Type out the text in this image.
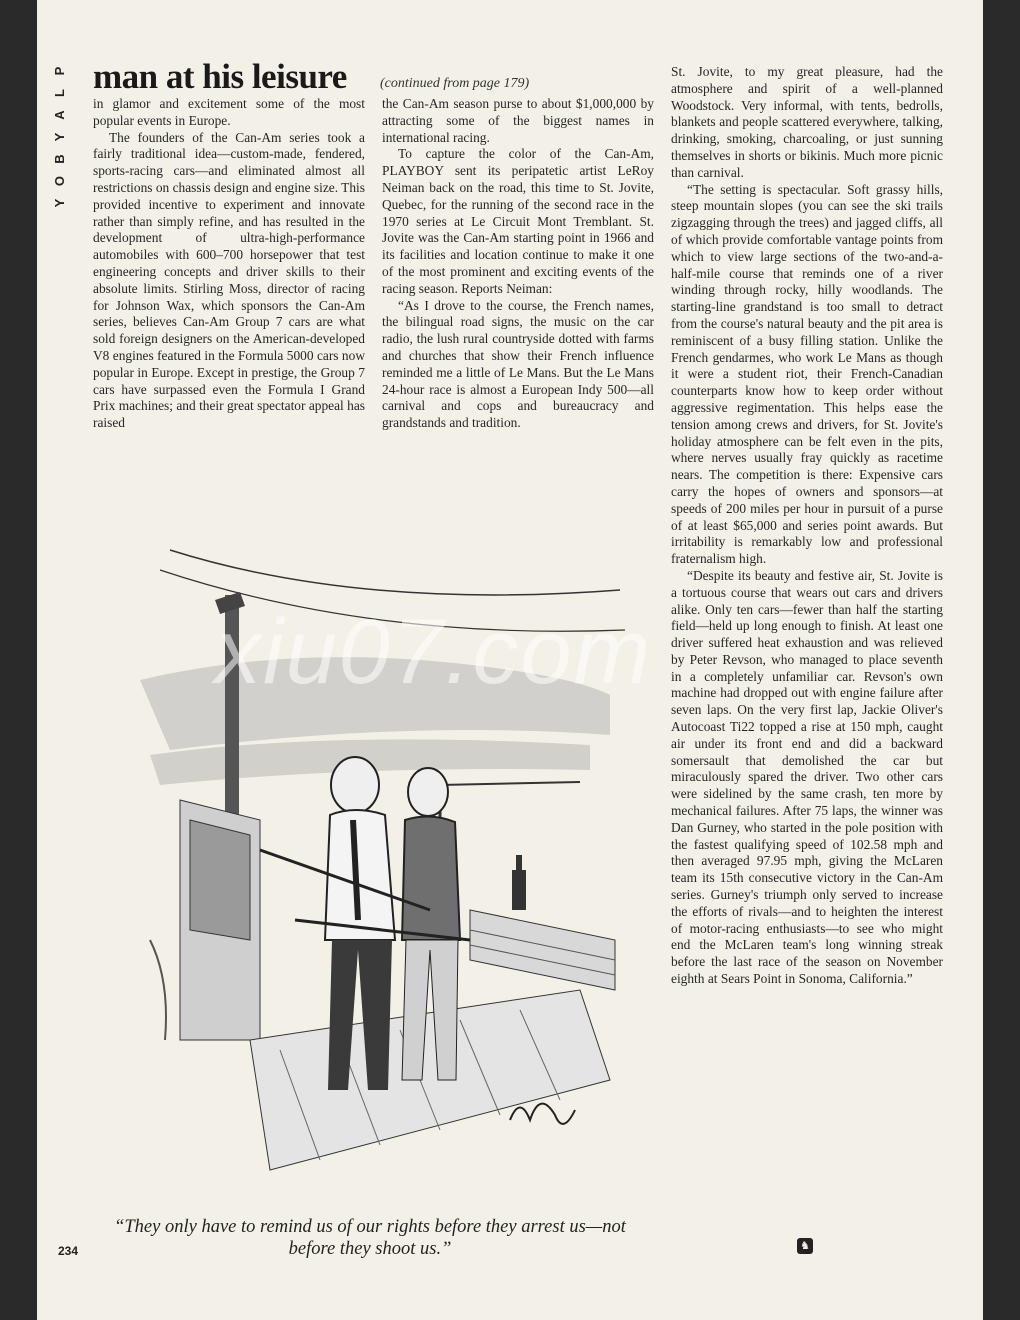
P
L
A
Y
B
O
Y
man at his leisure (continued from page 179)

in glamor and excitement some of the most popular events in Europe.

The founders of the Can-Am series took a fairly traditional idea—custom-made, fendered, sports-racing cars—and eliminated almost all restrictions on chassis design and engine size. This provided incentive to experiment and innovate rather than simply refine, and has resulted in the development of ultra-high-performance automobiles with 600–700 horsepower that test engineering concepts and driver skills to their absolute limits. Stirling Moss, director of racing for Johnson Wax, which sponsors the Can-Am series, believes Can-Am Group 7 cars are what sold foreign designers on the American-developed V8 engines featured in the Formula 5000 cars now popular in Europe. Except in prestige, the Group 7 cars have surpassed even the Formula I Grand Prix machines; and their great spectator appeal has raised

the Can-Am season purse to about $1,000,000 by attracting some of the biggest names in international racing.

To capture the color of the Can-Am, PLAYBOY sent its peripatetic artist LeRoy Neiman back on the road, this time to St. Jovite, Quebec, for the running of the second race in the 1970 series at Le Circuit Mont Tremblant. St. Jovite was the Can-Am starting point in 1966 and its facilities and location continue to make it one of the most prominent and exciting events of the racing season. Reports Neiman:

“As I drove to the course, the French names, the bilingual road signs, the music on the car radio, the lush rural countryside dotted with farms and churches that show their French influence reminded me a little of Le Mans. But the Le Mans 24-hour race is almost a European Indy 500—all carnival and cops and bureaucracy and grandstands and tradition.

St. Jovite, to my great pleasure, had the atmosphere and spirit of a well-planned Woodstock. Very informal, with tents, bedrolls, blankets and people scattered everywhere, talking, drinking, smoking, charcoaling, or just sunning themselves in shorts or bikinis. Much more picnic than carnival.

“The setting is spectacular. Soft grassy hills, steep mountain slopes (you can see the ski trails zigzagging through the trees) and jagged cliffs, all of which provide comfortable vantage points from which to view large sections of the two-and-a-half-mile course that reminds one of a river winding through rocky, hilly woodlands. The starting-line grandstand is too small to detract from the course's natural beauty and the pit area is reminiscent of a busy filling station. Unlike the French gendarmes, who work Le Mans as though it were a student riot, their French-Canadian counterparts know how to keep order without aggressive regimentation. This helps ease the tension among crews and drivers, for St. Jovite's holiday atmosphere can be felt even in the pits, where nerves usually fray quickly as racetime nears. The competition is there: Expensive cars carry the hopes of owners and sponsors—at speeds of 200 miles per hour in pursuit of a purse of at least $65,000 and series point awards. But irritability is remarkably low and professional fraternalism high.

“Despite its beauty and festive air, St. Jovite is a tortuous course that wears out cars and drivers alike. Only ten cars—fewer than half the starting field—held up long enough to finish. At least one driver suffered heat exhaustion and was relieved by Peter Revson, who managed to place seventh in a completely unfamiliar car. Revson's own machine had dropped out with engine failure after seven laps. On the very first lap, Jackie Oliver's Autocoast Ti22 topped a rise at 150 mph, caught air under its front end and did a backward somersault that demolished the car but miraculously spared the driver. Two other cars were sidelined by the same crash, ten more by mechanical failures. After 75 laps, the winner was Dan Gurney, who started in the pole position with the fastest qualifying speed of 102.58 mph and then averaged 97.95 mph, giving the McLaren team its 15th consecutive victory in the Can-Am series. Gurney's triumph only served to increase the efforts of rivals—and to heighten the interest of motor-racing enthusiasts—to see who might end the McLaren team's long winning streak before the last race of the season on November eighth at Sears Point in Sonoma, California.”

“They only have to remind us of our rights before they arrest us—not before they shoot us.”
234	♞
xiu07.com
